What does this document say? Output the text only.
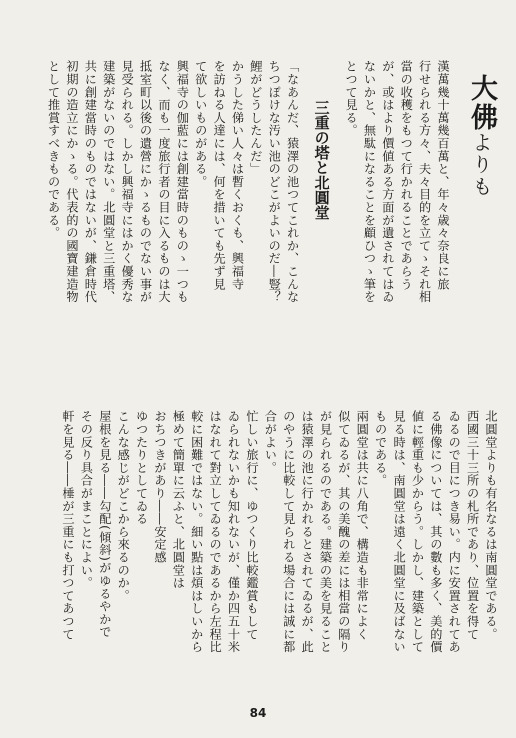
大佛よりも
漢萬幾十萬幾百萬と、年々歳々奈良に旅
行せられる方々、夫々目的を立てゝそれ相
當の收穫をもつて行かれることであらう
が、或はより價値ある方面が遺されてはゐ
ないかと、無駄になることを顧ひつゝ筆を
とつて見る。
三重の塔と北圓堂
「なあんだ、猿澤の池つてこれか、こんな
ちつぽけな汚い池のどこがよいのだ―豎？
鯉がどうしたんだ」
かうした俤い人々は暫くおくも、興福寺
を訪ねる人達には、何を措いても先ず見
て欲しいものがある。
興福寺の伽藍には創建當時のものゝ一つも
なく、而も一度旅行者の目に入るものは大
抵室町以後の遺營にかゝるものでない事が
見受られる。しかし興福寺にはかく優秀な
建築がないのではない。北圓堂と三重塔、
共に創建當時のものではないが、鎌倉時代
初期の造立にかゝる。代表的の國寶建造物
として推賞すべきものである。
北圓堂よりも有名なるは南圓堂である。
西國三十三所の札所であり、位置を得て
ゐるので目につき易い。内に安置されてあ
る佛像については、其の數も多く、美的價
値に輕重も少からう。しかし、建築として
見る時は、南圓堂は遠く北圓堂に及ばない
ものである。
兩圓堂は共に八角で、構造も非常によく
似てゐるが、其の美醜の差には相當の隔り
が見られるのである。建築の美を見ること
は猿澤の池に行かれるとされてゐるが、此
のやうに比較して見られる場合には誠に都
合がよい。
忙しい旅行に、ゆつくり比較鑑賞もして
ゐられないかも知れないが、僅か四五十米
はなれて對立してゐるのであるから左程比
較に困難ではない。細い點は煩はしいから
極めて簡單に云ふと、北圓堂は
おちつきがあり――安定感
ゆつたりとしてゐる
こんな感じがどこから來るのか。
屋根を見る――勾配(傾斜)がゆるやかで
その反り具合がまことによい。
軒を見る――棰が三重にも打つてあつて
84
